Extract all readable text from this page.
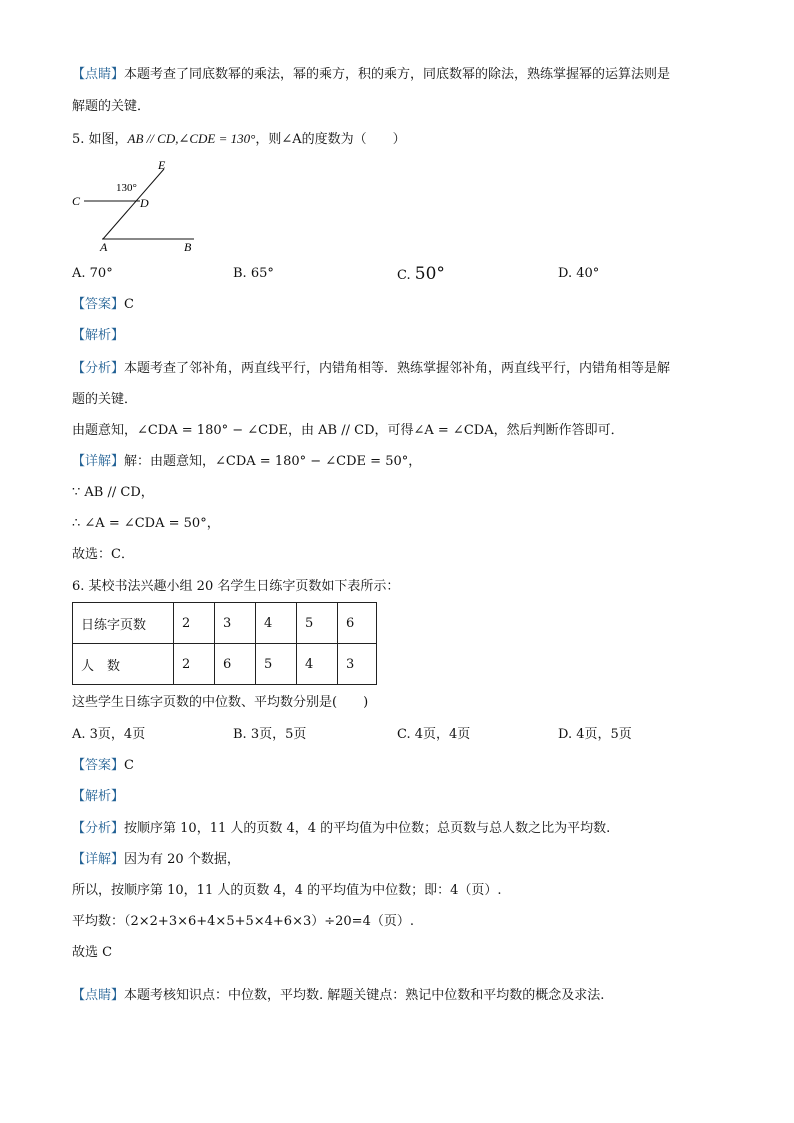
【点睛】本题考查了同底数幂的乘法，幂的乘方，积的乘方，同底数幂的除法，熟练掌握幂的运算法则是
解题的关键．
5. 如图，AB // CD,∠CDE = 130°，则∠A的度数为（　　）
E
C	D
A	B
130°
A. 70°	B. 65°	C. 50°	D. 40°
【答案】C
【解析】
【分析】本题考查了邻补角，两直线平行，内错角相等．熟练掌握邻补角，两直线平行，内错角相等是解
题的关键．
由题意知，∠CDA = 180° − ∠CDE，由 AB // CD，可得∠A = ∠CDA，然后判断作答即可．
【详解】解：由题意知，∠CDA = 180° − ∠CDE = 50°，
∵ AB // CD，
∴ ∠A = ∠CDA = 50°，
故选：C．
6. 某校书法兴趣小组 20 名学生日练字页数如下表所示：
日练字页数	2	3	4	5	6
人　数	2	6	5	4	3
这些学生日练字页数的中位数、平均数分别是(　　)
A. 3页，4页	B. 3页，5页	C. 4页，4页	D. 4页，5页
【答案】C
【解析】
【分析】按顺序第 10，11 人的页数 4，4 的平均值为中位数；总页数与总人数之比为平均数.
【详解】因为有 20 个数据，
所以，按顺序第 10，11 人的页数 4，4 的平均值为中位数；即：4（页）.
平均数：（2×2+3×6+4×5+5×4+6×3）÷20=4（页）.
故选 C
【点睛】本题考核知识点：中位数，平均数. 解题关键点：熟记中位数和平均数的概念及求法.
